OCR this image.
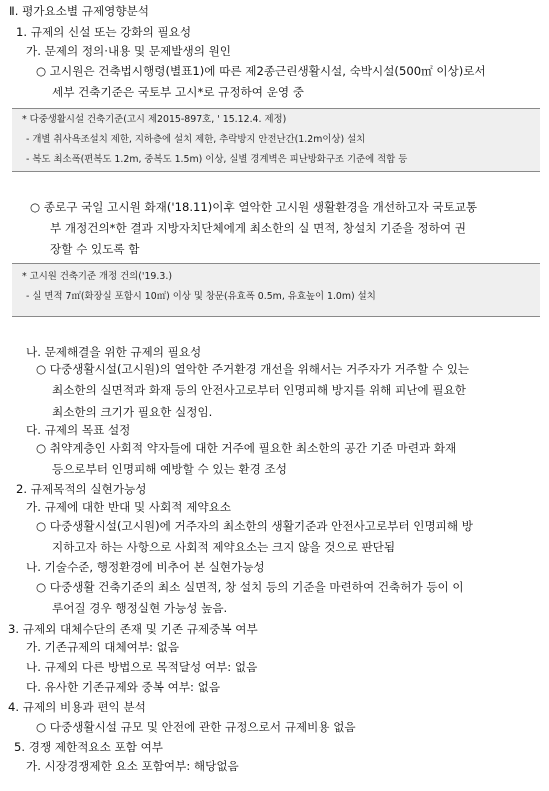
Ⅱ. 평가요소별 규제영향분석
1. 규제의 신설 또는 강화의 필요성
가. 문제의 정의·내용 및 문제발생의 원인
○ 고시원은 건축법시행령(별표1)에 따른 제2종근린생활시설, 숙박시설(500㎡ 이상)로서
세부 건축기준은 국토부 고시*로 규정하여 운영 중
* 다중생활시설 건축기준(고시 제2015-897호, ' 15.12.4. 제정)
- 개별 취사욕조설치 제한, 지하층에 설치 제한, 추락방지 안전난간(1.2m이상) 설치
- 복도 최소폭(편복도 1.2m, 중복도 1.5m) 이상, 실별 경계벽은 피난방화구조 기준에 적합 등
○ 종로구 국일 고시원 화재('18.11)이후 열악한 고시원 생활환경을 개선하고자 국토교통
부 개정건의*한 결과 지방자치단체에게 최소한의 실 면적, 창설치 기준을 정하여 권
장할 수 있도록 함
* 고시원 건축기준 개정 건의('19.3.)
- 실 면적 7㎡(화장실 포함시 10㎡) 이상 및 창문(유효폭 0.5m, 유효높이 1.0m) 설치
나. 문제해결을 위한 규제의 필요성
○ 다중생활시설(고시원)의 열악한 주거환경 개선을 위해서는 거주자가 거주할 수 있는
최소한의 실면적과 화재 등의 안전사고로부터 인명피해 방지를 위해 피난에 필요한
최소한의 크기가 필요한 실정임.
다. 규제의 목표 설정
○ 취약계층인 사회적 약자들에 대한 거주에 필요한 최소한의 공간 기준 마련과 화재
등으로부터 인명피해 예방할 수 있는 환경 조성
2. 규제목적의 실현가능성
가. 규제에 대한 반대 및 사회적 제약요소
○ 다중생활시설(고시원)에 거주자의 최소한의 생활기준과 안전사고로부터 인명피해 방
지하고자 하는 사항으로 사회적 제약요소는 크지 않을 것으로 판단됨
나. 기술수준, 행정환경에 비추어 본 실현가능성
○ 다중생활 건축기준의 최소 실면적, 창 설치 등의 기준을 마련하여 건축허가 등이 이
루어질 경우 행정실현 가능성 높음.
3. 규제외 대체수단의 존재 및 기존 규제중복 여부
가. 기존규제의 대체여부: 없음
나. 규제외 다른 방법으로 목적달성 여부: 없음
다. 유사한 기존규제와 중복 여부: 없음
4. 규제의 비용과 편익 분석
○ 다중생활시설 규모 및 안전에 관한 규정으로서 규제비용 없음
5. 경쟁 제한적요소 포함 여부
가. 시장경쟁제한 요소 포함여부: 해당없음
